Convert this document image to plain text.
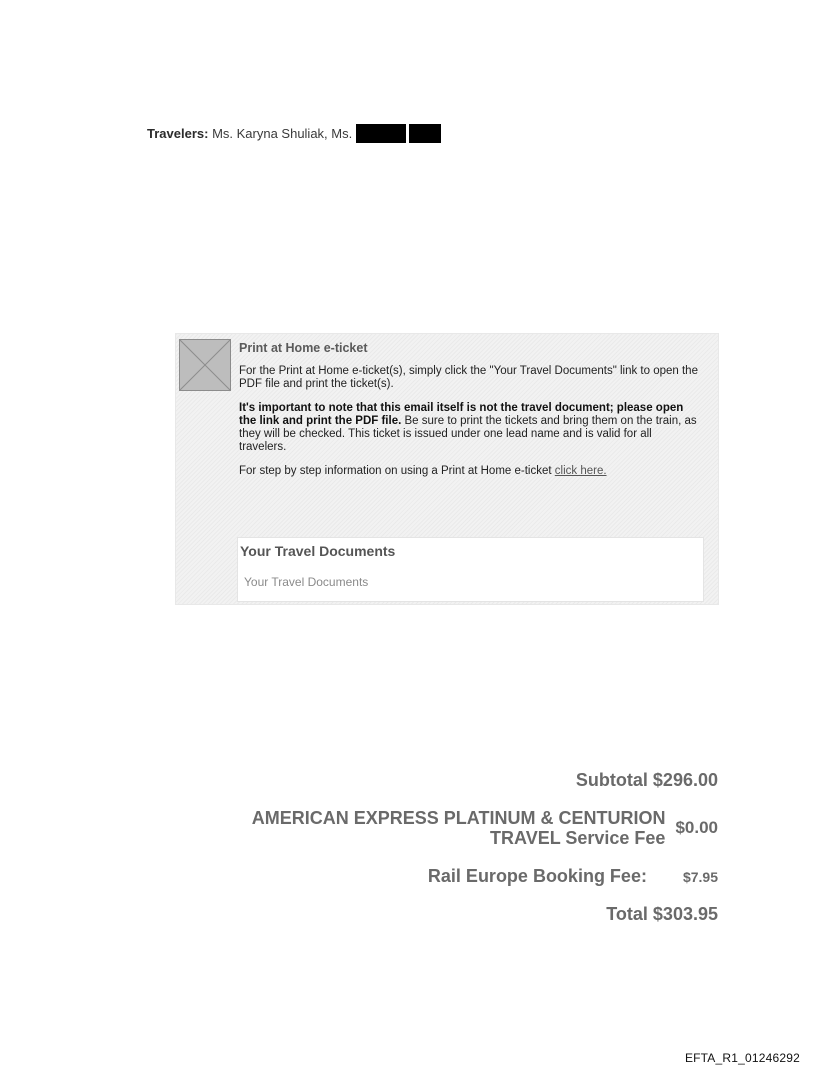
Travelers: Ms. Karyna Shuliak, Ms.
Print at Home e-ticket

For the Print at Home e-ticket(s), simply click the "Your Travel Documents" link to open the PDF file and print the ticket(s).

It's important to note that this email itself is not the travel document; please open the link and print the PDF file. Be sure to print the tickets and bring them on the train, as they will be checked. This ticket is issued under one lead name and is valid for all travelers.

For step by step information on using a Print at Home e-ticket click here.

Your Travel Documents
Your Travel Documents
Subtotal $296.00
AMERICAN EXPRESS PLATINUM & CENTURION
TRAVEL Service Fee
$0.00
Rail Europe Booking Fee:	$7.95
Total $303.95
EFTA_R1_01246292
